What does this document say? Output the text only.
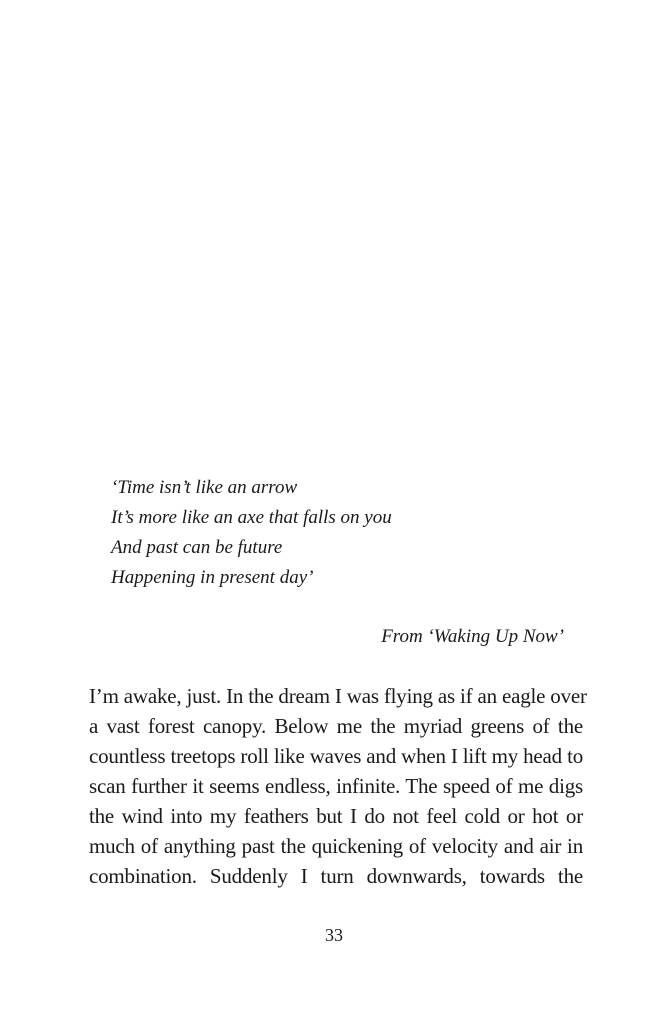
‘Time isn’t like an arrow
It’s more like an axe that falls on you
And past can be future
Happening in present day’
From ‘Waking Up Now’
I’m awake, just. In the dream I was flying as if an eagle over
a vast forest canopy. Below me the myriad greens of the
countless treetops roll like waves and when I lift my head to
scan further it seems endless, infinite. The speed of me digs
the wind into my feathers but I do not feel cold or hot or
much of anything past the quickening of velocity and air in
combination. Suddenly I turn downwards, towards the
33
